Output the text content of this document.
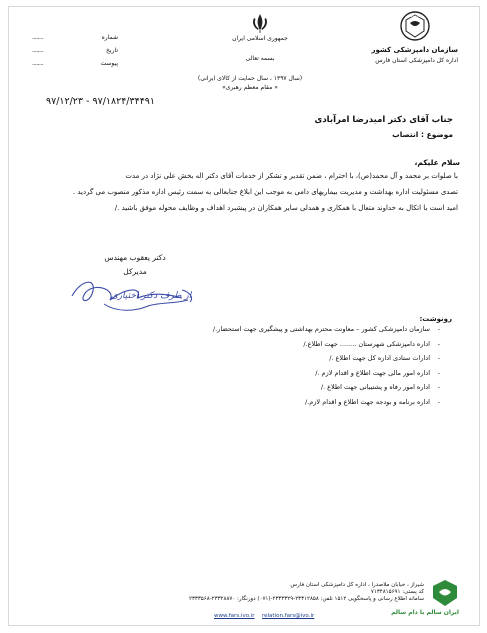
........	شماره
........	تاریخ
........	پیوست
جمهوری اسلامی ایران
بسمه تعالی
جهاد
سازمان دامپزشکی کشور
اداره کل دامپزشکی استان فارس
(سال ۱۳۹۷ ، سال حمایت از کالای ایرانی)
« مقام معظم رهبری»
۹۷/۱۲/۲۳ - ۹۷/۱۸۲۴/۳۴۴۹۱
جناب آقای دکتر امیدرضا امرآبادی
موضوع : انتصاب
سلام علیکم،
با صلوات بر محمد و آل محمد(ص)، با احترام ، ضمن تقدیر و تشکر از خدمات آقای دکتر اله بخش علی نژاد در مدت
تصدی مسئولیت اداره بهداشت و مدیریت بیماریهای دامی به موجب این ابلاغ جنابعالی به سمت رئیس اداره مذکور منصوب می گردید .
امید است با اتکال به خداوند متعال با همکاری و همدلی سایر همکاران در پیشبرد اهداف و وظایف محوله موفق باشید ./
دکتر یعقوب مهندس
مدیرکل
از طرف دکتر اختیاری
رونوشت:
-سازمان دامپزشکی کشور – معاونت محترم بهداشتی و پیشگیری جهت استحضار./
-اداره دامپزشکی شهرستان ........ جهت اطلاع./
-ادارات ستادی اداره کل جهت اطلاع ./
-اداره امور مالی جهت اطلاع و اقدام لازم ./
-اداره امور رفاه و پشتیبانی جهت اطلاع ./
-اداره برنامه و بودجه جهت اطلاع و اقدام لازم./
شیراز ، خیابان ملاصدرا ، اداره کل دامپزشکی استان فارس
کد پستی: ۷۱۳۴۸۱۵۶۹۱
سامانه اطلاع رسانی و پاسخگویی ۱۵۱۲ تلفن: ۲۳۳۱۲۸۵۸-۲۳۳۳۳۲۹-(۰۷۱) دورنگار: ۲۳۳۲۸۸۷۰-۲۳۳۳۵۶۸
www.fars.ivo.ir relation.fars@ivo.ir	ایران سالم با دام سالم
